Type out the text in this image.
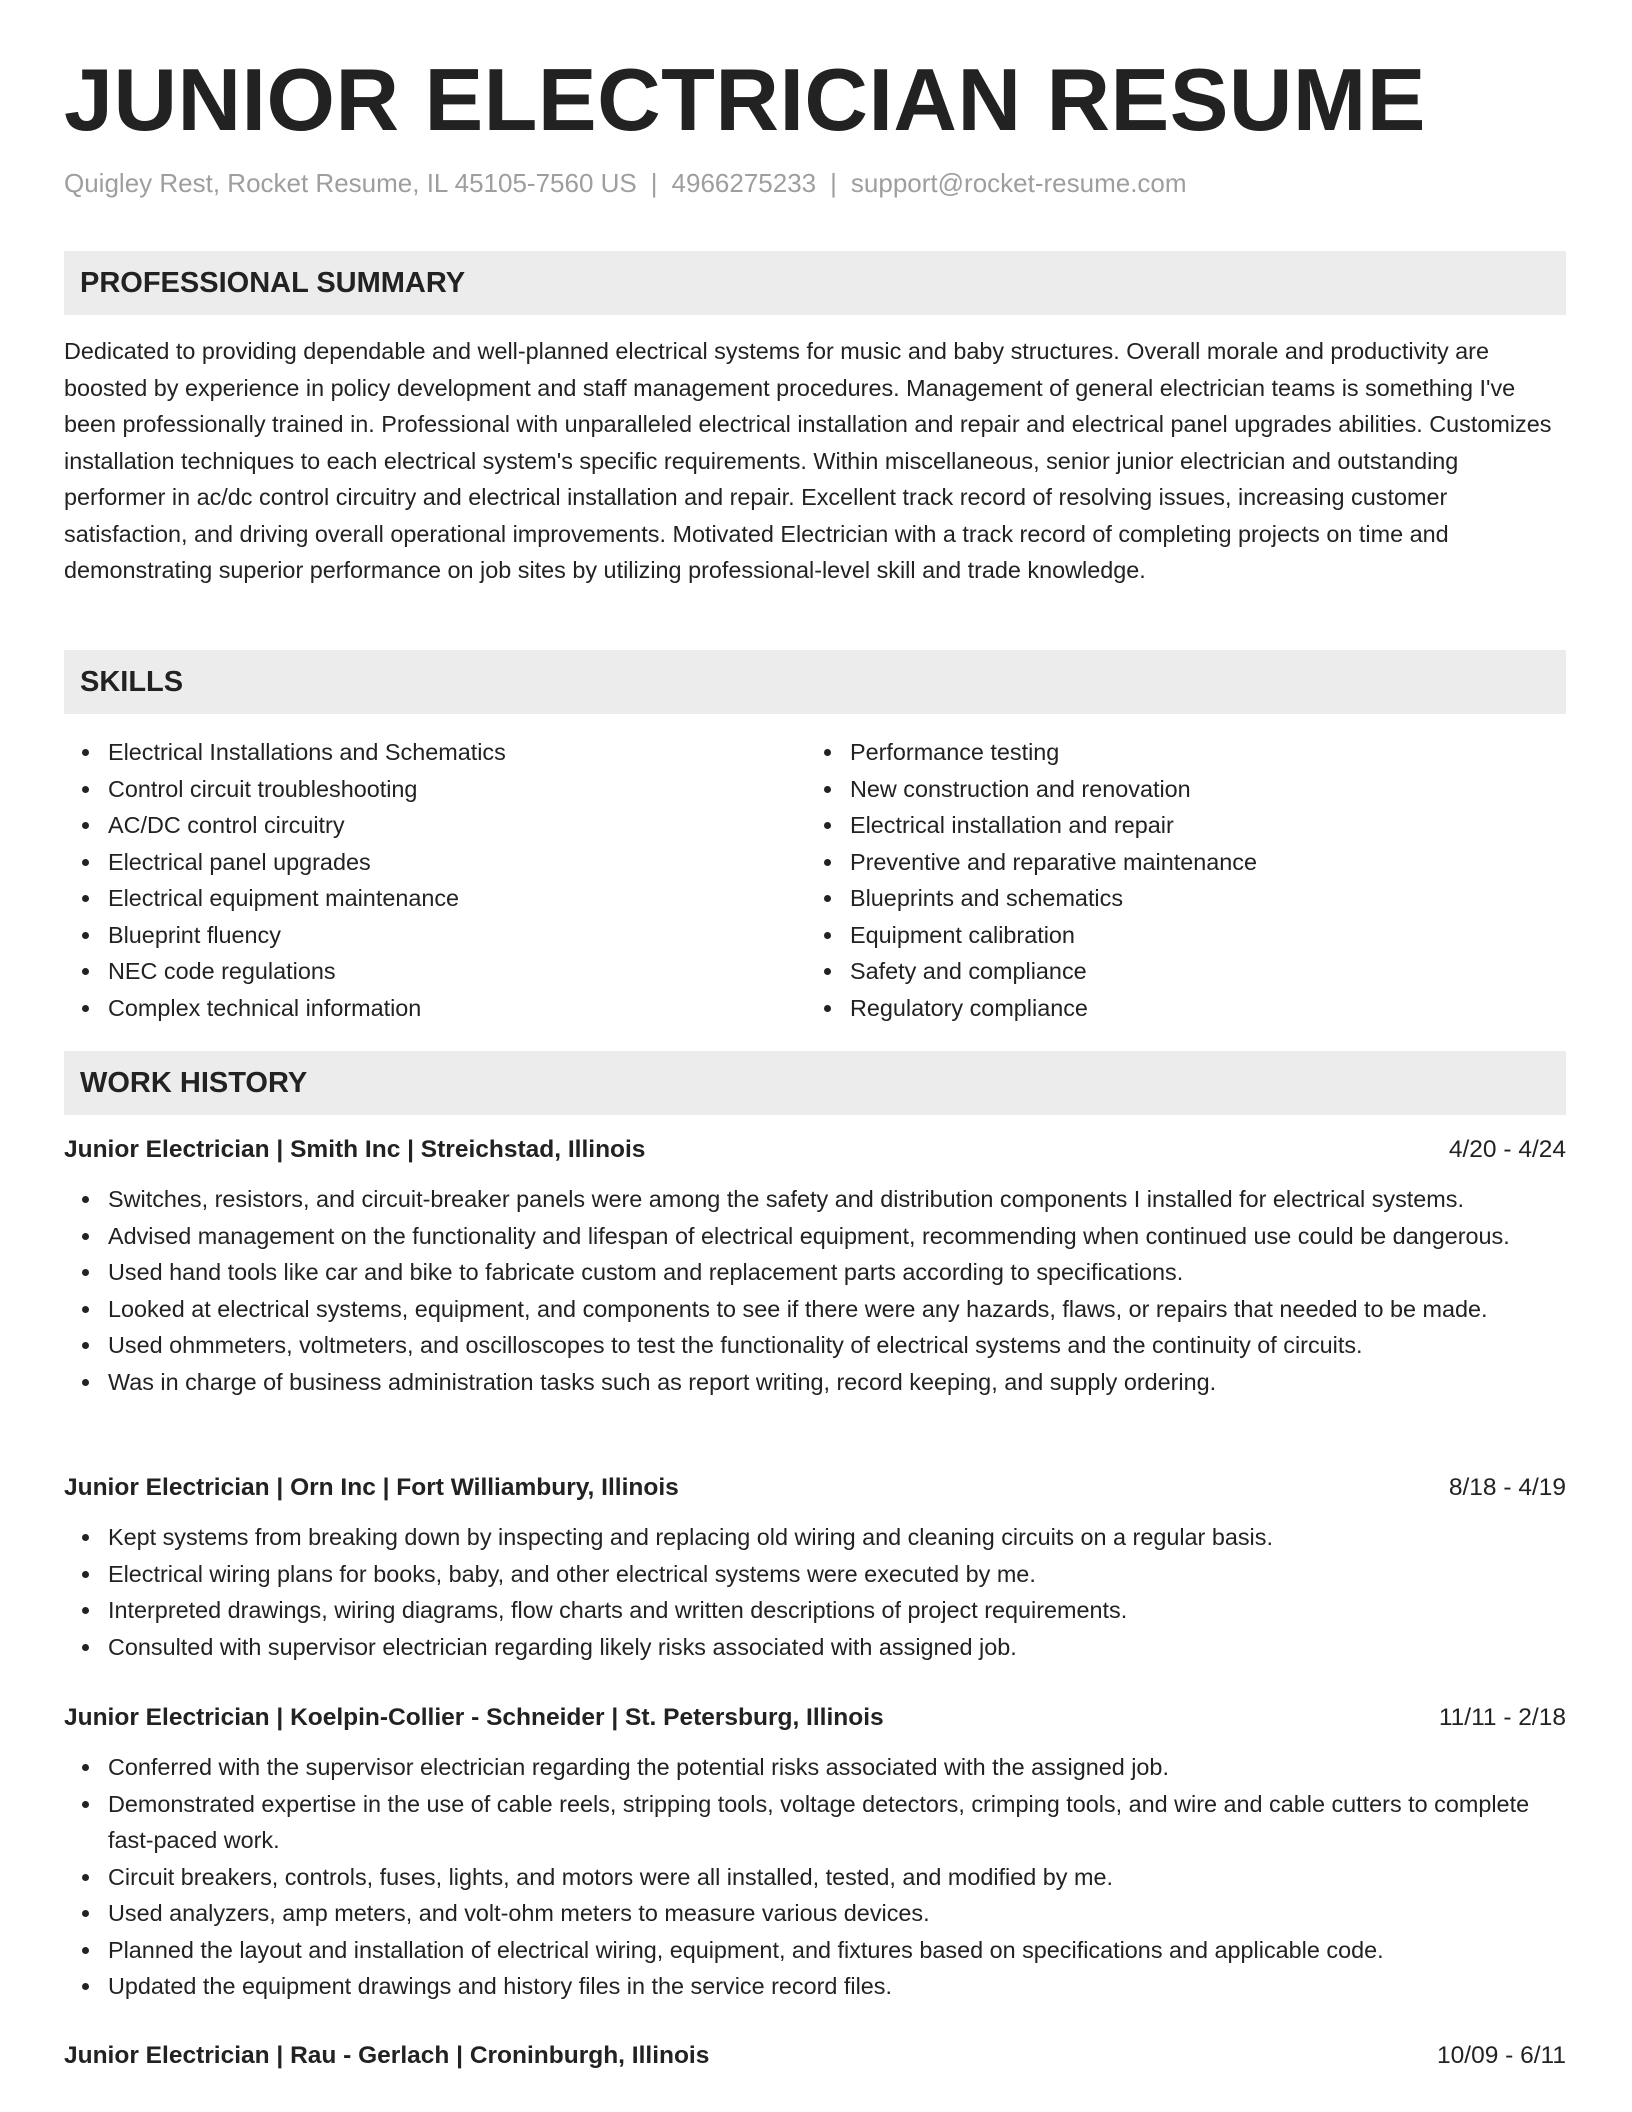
JUNIOR ELECTRICIAN RESUME
Quigley Rest, Rocket Resume, IL 45105-7560 US | 4966275233 | support@rocket-resume.com
PROFESSIONAL SUMMARY

Dedicated to providing dependable and well-planned electrical systems for music and baby structures. Overall morale and productivity are boosted by experience in policy development and staff management procedures. Management of general electrician teams is something I've been professionally trained in. Professional with unparalleled electrical installation and repair and electrical panel upgrades abilities. Customizes installation techniques to each electrical system's specific requirements. Within miscellaneous, senior junior electrician and outstanding performer in ac/dc control circuitry and electrical installation and repair. Excellent track record of resolving issues, increasing customer satisfaction, and driving overall operational improvements. Motivated Electrician with a track record of completing projects on time and demonstrating superior performance on job sites by utilizing professional-level skill and trade knowledge.

SKILLS
Electrical Installations and Schematics
Control circuit troubleshooting
AC/DC control circuitry
Electrical panel upgrades
Electrical equipment maintenance
Blueprint fluency
NEC code regulations
Complex technical information
Performance testing
New construction and renovation
Electrical installation and repair
Preventive and reparative maintenance
Blueprints and schematics
Equipment calibration
Safety and compliance
Regulatory compliance
WORK HISTORY
Junior Electrician | Smith Inc | Streichstad, Illinois	4/20 - 4/24
Switches, resistors, and circuit-breaker panels were among the safety and distribution components I installed for electrical systems.
Advised management on the functionality and lifespan of electrical equipment, recommending when continued use could be dangerous.
Used hand tools like car and bike to fabricate custom and replacement parts according to specifications.
Looked at electrical systems, equipment, and components to see if there were any hazards, flaws, or repairs that needed to be made.
Used ohmmeters, voltmeters, and oscilloscopes to test the functionality of electrical systems and the continuity of circuits.
Was in charge of business administration tasks such as report writing, record keeping, and supply ordering.
Junior Electrician | Orn Inc | Fort Williambury, Illinois	8/18 - 4/19
Kept systems from breaking down by inspecting and replacing old wiring and cleaning circuits on a regular basis.
Electrical wiring plans for books, baby, and other electrical systems were executed by me.
Interpreted drawings, wiring diagrams, flow charts and written descriptions of project requirements.
Consulted with supervisor electrician regarding likely risks associated with assigned job.
Junior Electrician | Koelpin-Collier - Schneider | St. Petersburg, Illinois	11/11 - 2/18
Conferred with the supervisor electrician regarding the potential risks associated with the assigned job.
Demonstrated expertise in the use of cable reels, stripping tools, voltage detectors, crimping tools, and wire and cable cutters to complete fast-paced work.
Circuit breakers, controls, fuses, lights, and motors were all installed, tested, and modified by me.
Used analyzers, amp meters, and volt-ohm meters to measure various devices.
Planned the layout and installation of electrical wiring, equipment, and fixtures based on specifications and applicable code.
Updated the equipment drawings and history files in the service record files.
Junior Electrician | Rau - Gerlach | Croninburgh, Illinois	10/09 - 6/11
